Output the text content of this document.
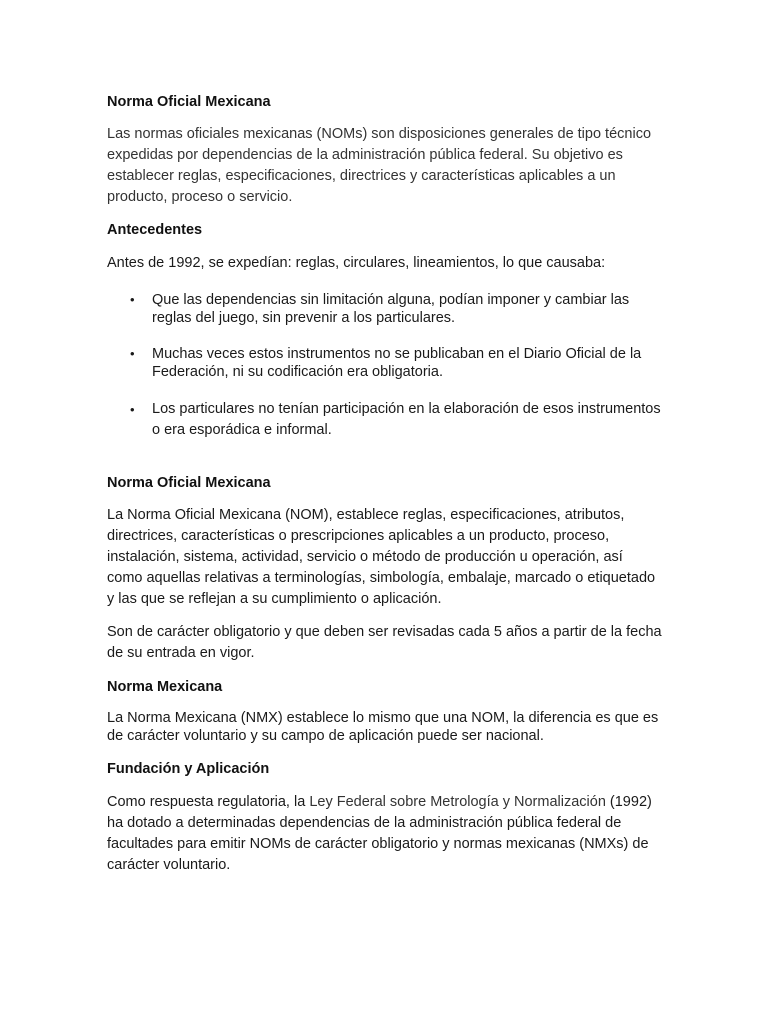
Norma Oficial Mexicana

Las normas oficiales mexicanas (NOMs) son disposiciones generales de tipo técnico expedidas por dependencias de la administración pública federal. Su objetivo es establecer reglas, especificaciones, directrices y características aplicables a un producto, proceso o servicio.

Antecedentes

Antes de 1992, se expedían: reglas, circulares, lineamientos, lo que causaba:

• Que las dependencias sin limitación alguna, podían imponer y cambiar las reglas del juego, sin prevenir a los particulares.
• Muchas veces estos instrumentos no se publicaban en el Diario Oficial de la Federación, ni su codificación era obligatoria.
• Los particulares no tenían participación en la elaboración de esos instrumentos o era esporádica e informal.
Norma Oficial Mexicana

La Norma Oficial Mexicana (NOM), establece reglas, especificaciones, atributos, directrices, características o prescripciones aplicables a un producto, proceso, instalación, sistema, actividad, servicio o método de producción u operación, así como aquellas relativas a terminologías, simbología, embalaje, marcado o etiquetado y las que se reflejan a su cumplimiento o aplicación.

Son de carácter obligatorio y que deben ser revisadas cada 5 años a partir de la fecha de su entrada en vigor.

Norma Mexicana

La Norma Mexicana (NMX) establece lo mismo que una NOM, la diferencia es que es de carácter voluntario y su campo de aplicación puede ser nacional.

Fundación y Aplicación

Como respuesta regulatoria, la Ley Federal sobre Metrología y Normalización (1992) ha dotado a determinadas dependencias de la administración pública federal de facultades para emitir NOMs de carácter obligatorio y normas mexicanas (NMXs) de carácter voluntario.
